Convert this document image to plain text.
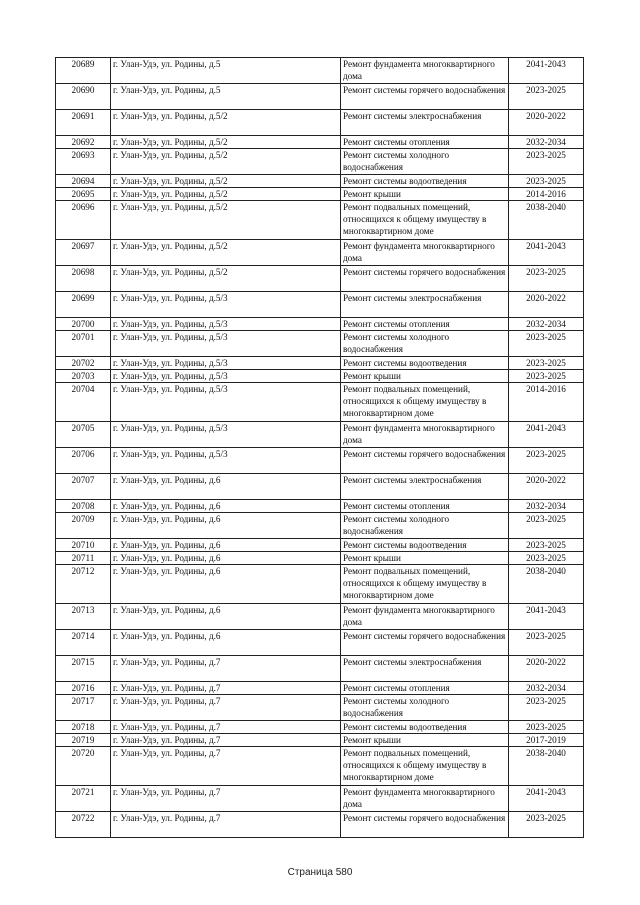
20689	г. Улан-Удэ, ул. Родины, д.5	Ремонт фундамента многоквартирного дома	2041-2043
20690	г. Улан-Удэ, ул. Родины, д.5	Ремонт системы горячего водоснабжения	2023-2025
20691	г. Улан-Удэ, ул. Родины, д.5/2	Ремонт системы электроснабжения	2020-2022
20692	г. Улан-Удэ, ул. Родины, д.5/2	Ремонт системы отопления	2032-2034
20693	г. Улан-Удэ, ул. Родины, д.5/2	Ремонт системы холодного водоснабжения	2023-2025
20694	г. Улан-Удэ, ул. Родины, д.5/2	Ремонт системы водоотведения	2023-2025
20695	г. Улан-Удэ, ул. Родины, д.5/2	Ремонт крыши	2014-2016
20696	г. Улан-Удэ, ул. Родины, д.5/2	Ремонт подвальных помещений, относящихся к общему имуществу в многоквартирном доме	2038-2040
20697	г. Улан-Удэ, ул. Родины, д.5/2	Ремонт фундамента многоквартирного дома	2041-2043
20698	г. Улан-Удэ, ул. Родины, д.5/2	Ремонт системы горячего водоснабжения	2023-2025
20699	г. Улан-Удэ, ул. Родины, д.5/3	Ремонт системы электроснабжения	2020-2022
20700	г. Улан-Удэ, ул. Родины, д.5/3	Ремонт системы отопления	2032-2034
20701	г. Улан-Удэ, ул. Родины, д.5/3	Ремонт системы холодного водоснабжения	2023-2025
20702	г. Улан-Удэ, ул. Родины, д.5/3	Ремонт системы водоотведения	2023-2025
20703	г. Улан-Удэ, ул. Родины, д.5/3	Ремонт крыши	2023-2025
20704	г. Улан-Удэ, ул. Родины, д.5/3	Ремонт подвальных помещений, относящихся к общему имуществу в многоквартирном доме	2014-2016
20705	г. Улан-Удэ, ул. Родины, д.5/3	Ремонт фундамента многоквартирного дома	2041-2043
20706	г. Улан-Удэ, ул. Родины, д.5/3	Ремонт системы горячего водоснабжения	2023-2025
20707	г. Улан-Удэ, ул. Родины, д.6	Ремонт системы электроснабжения	2020-2022
20708	г. Улан-Удэ, ул. Родины, д.6	Ремонт системы отопления	2032-2034
20709	г. Улан-Удэ, ул. Родины, д.6	Ремонт системы холодного водоснабжения	2023-2025
20710	г. Улан-Удэ, ул. Родины, д.6	Ремонт системы водоотведения	2023-2025
20711	г. Улан-Удэ, ул. Родины, д.6	Ремонт крыши	2023-2025
20712	г. Улан-Удэ, ул. Родины, д.6	Ремонт подвальных помещений, относящихся к общему имуществу в многоквартирном доме	2038-2040
20713	г. Улан-Удэ, ул. Родины, д.6	Ремонт фундамента многоквартирного дома	2041-2043
20714	г. Улан-Удэ, ул. Родины, д.6	Ремонт системы горячего водоснабжения	2023-2025
20715	г. Улан-Удэ, ул. Родины, д.7	Ремонт системы электроснабжения	2020-2022
20716	г. Улан-Удэ, ул. Родины, д.7	Ремонт системы отопления	2032-2034
20717	г. Улан-Удэ, ул. Родины, д.7	Ремонт системы холодного водоснабжения	2023-2025
20718	г. Улан-Удэ, ул. Родины, д.7	Ремонт системы водоотведения	2023-2025
20719	г. Улан-Удэ, ул. Родины, д.7	Ремонт крыши	2017-2019
20720	г. Улан-Удэ, ул. Родины, д.7	Ремонт подвальных помещений, относящихся к общему имуществу в многоквартирном доме	2038-2040
20721	г. Улан-Удэ, ул. Родины, д.7	Ремонт фундамента многоквартирного дома	2041-2043
20722	г. Улан-Удэ, ул. Родины, д.7	Ремонт системы горячего водоснабжения	2023-2025
Страница 580
